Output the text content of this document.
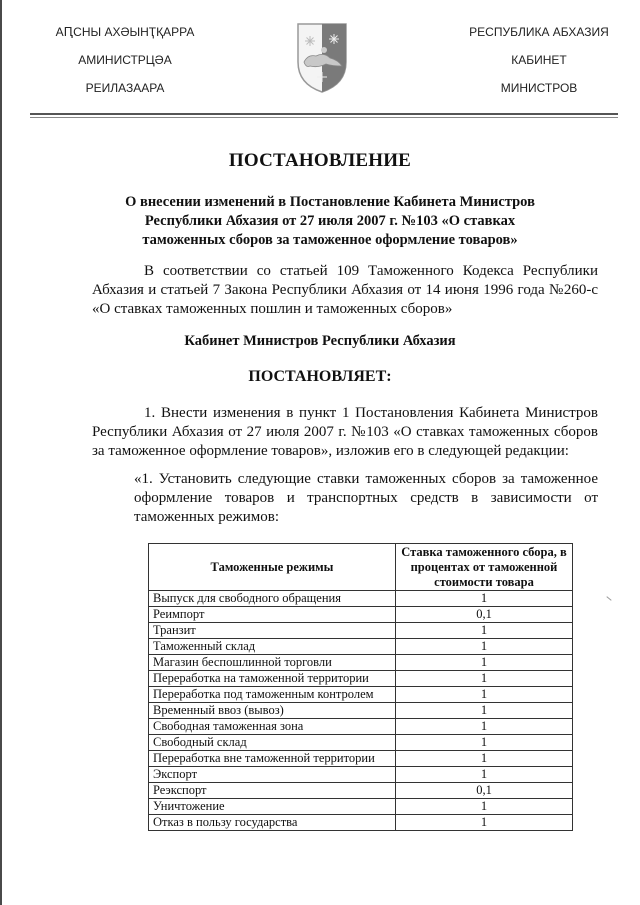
АԤСНЫ АХӘЫНҬҚАРРА
АМИНИСТРЦӘА
РЕИЛАЗААРА
РЕСПУБЛИКА АБХАЗИЯ
КАБИНЕТ
МИНИСТРОВ
ПОСТАНОВЛЕНИЕ
О внесении изменений в Постановление Кабинета Министров Республики Абхазия от 27 июля 2007 г. №103 «О ставках таможенных сборов за таможенное оформление товаров»
В соответствии со статьей 109 Таможенного Кодекса Республики Абхазия и статьей 7 Закона Республики Абхазия от 14 июня 1996 года №260-с «О ставках таможенных пошлин и таможенных сборов»
Кабинет Министров Республики Абхазия
ПОСТАНОВЛЯЕТ:
1. Внести изменения в пункт 1 Постановления Кабинета Министров Республики Абхазия от 27 июля 2007 г. №103 «О ставках таможенных сборов за таможенное оформление товаров», изложив его в следующей редакции:
«1. Установить следующие ставки таможенных сборов за таможенное оформление товаров и транспортных средств в зависимости от таможенных режимов:
Таможенные режимы	Ставка таможенного сбора, в процентах от таможенной стоимости товара
Выпуск для свободного обращения	1
Реимпорт	0,1
Транзит	1
Таможенный склад	1
Магазин беспошлинной торговли	1
Переработка на таможенной территории	1
Переработка под таможенным контролем	1
Временный ввоз (вывоз)	1
Свободная таможенная зона	1
Свободный склад	1
Переработка вне таможенной территории	1
Экспорт	1
Реэкспорт	0,1
Уничтожение	1
Отказ в пользу государства	1
